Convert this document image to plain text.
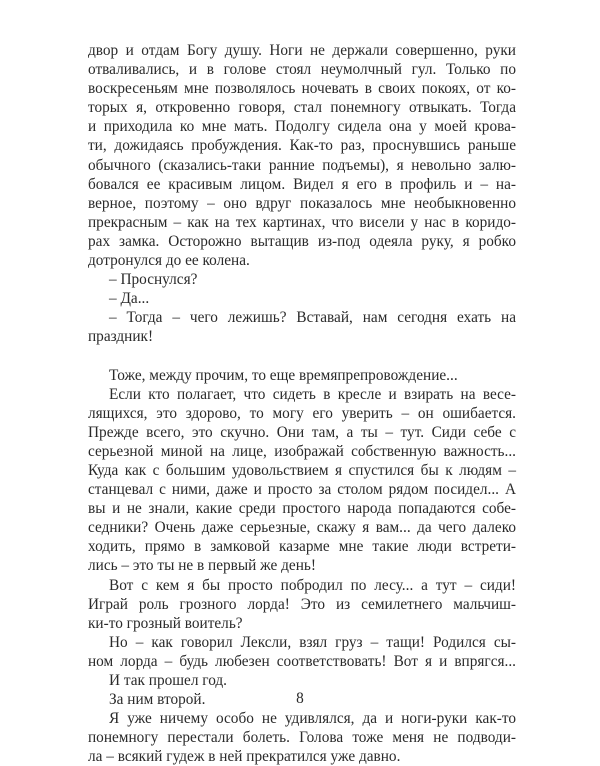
двор и отдам Богу душу. Ноги не держали совершенно, руки
отваливались, и в голове стоял неумолчный гул. Только по
воскресеньям мне позволялось ночевать в своих покоях, от ко-
торых я, откровенно говоря, стал понемногу отвыкать. Тогда
и приходила ко мне мать. Подолгу сидела она у моей крова-
ти, дожидаясь пробуждения. Как-то раз, проснувшись раньше
обычного (сказались-таки ранние подъемы), я невольно залю-
бовался ее красивым лицом. Видел я его в профиль и – на-
верное, поэтому – оно вдруг показалось мне необыкновенно
прекрасным – как на тех картинах, что висели у нас в коридо-
рах замка. Осторожно вытащив из-под одеяла руку, я робко
дотронулся до ее колена.
– Проснулся?
– Да...
– Тогда – чего лежишь? Вставай, нам сегодня ехать на
праздник!
Тоже, между прочим, то еще времяпрепровождение...
Если кто полагает, что сидеть в кресле и взирать на весе-
лящихся, это здорово, то могу его уверить – он ошибается.
Прежде всего, это скучно. Они там, а ты – тут. Сиди себе с
серьезной миной на лице, изображай собственную важность...
Куда как с большим удовольствием я спустился бы к людям –
станцевал с ними, даже и просто за столом рядом посидел... А
вы и не знали, какие среди простого народа попадаются собе-
седники? Очень даже серьезные, скажу я вам... да чего далеко
ходить, прямо в замковой казарме мне такие люди встрети-
лись – это ты не в первый же день!
Вот с кем я бы просто побродил по лесу... а тут – сиди!
Играй роль грозного лорда! Это из семилетнего мальчиш-
ки-то грозный воитель?
Но – как говорил Лексли, взял груз – тащи! Родился сы-
ном лорда – будь любезен соответствовать! Вот я и впрягся...
И так прошел год.
За ним второй.
Я уже ничему особо не удивлялся, да и ноги-руки как-то
понемногу перестали болеть. Голова тоже меня не подводи-
ла – всякий гудеж в ней прекратился уже давно.
8
